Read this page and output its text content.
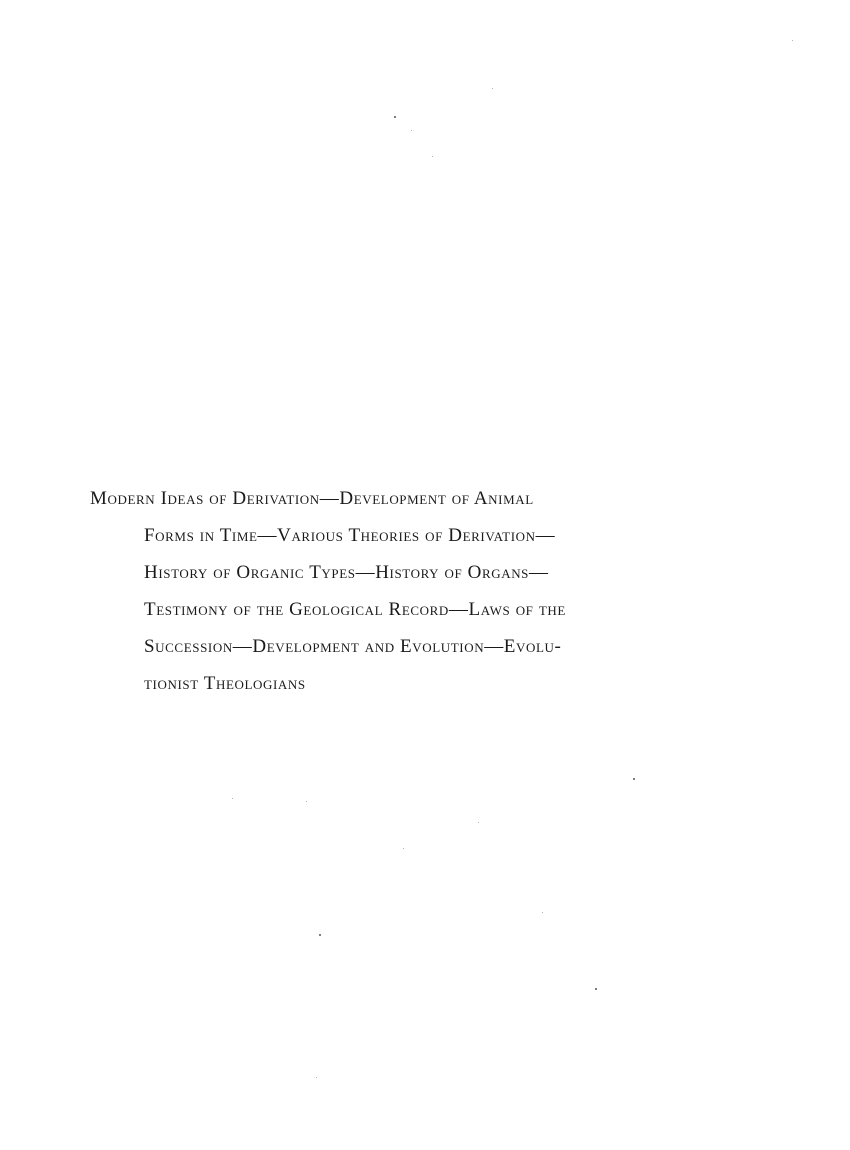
Modern Ideas of Derivation—Development of Animal
Forms in Time—Various Theories of Derivation—
History of Organic Types—History of Organs—
Testimony of the Geological Record—Laws of the
Succession—Development and Evolution—Evolu-
tionist Theologians
